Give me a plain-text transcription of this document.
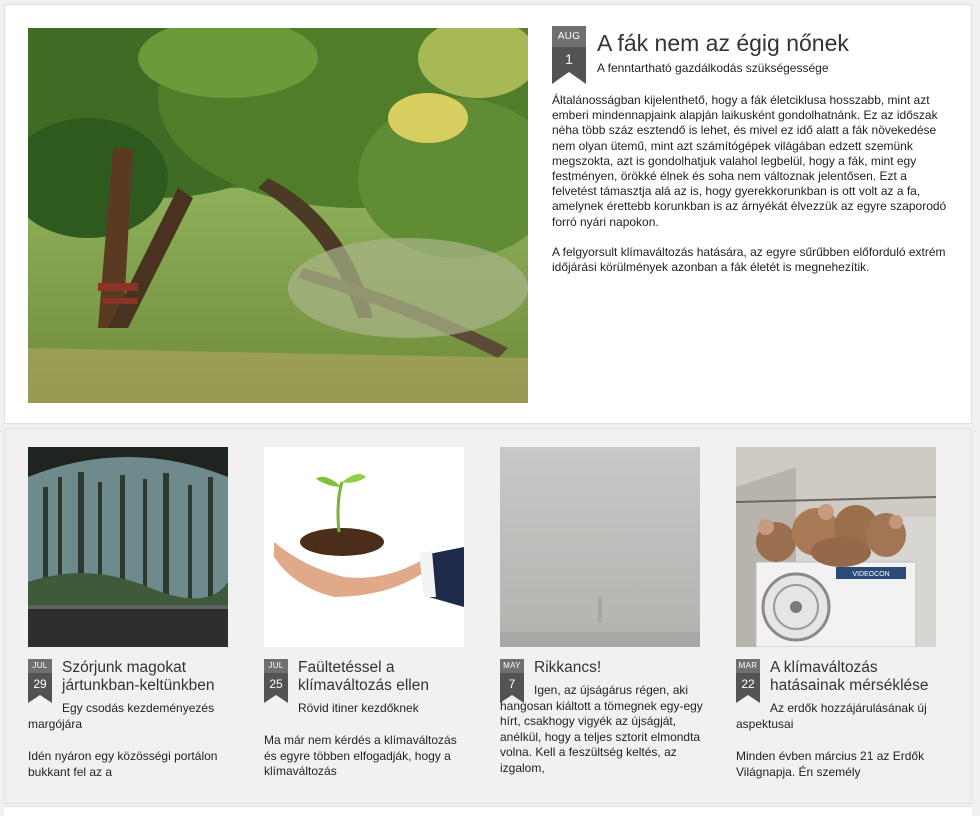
AUG
1
A fák nem az égig nőnek
A fenntartható gazdálkodás szükségessége

Általánosságban kijelenthető, hogy a fák életciklusa hosszabb, mint azt emberi mindennapjaink alapján laikusként gondolhatnánk. Ez az időszak néha több száz esztendő is lehet, és mivel ez idő alatt a fák növekedése nem olyan ütemű, mint azt számítógépek világában edzett szemünk megszokta, azt is gondolhatjuk valahol legbelül, hogy a fák, mint egy festményen, örökké élnek és soha nem változnak jelentősen. Ezt a felvetést támasztja alá az is, hogy gyerekkorunkban is ott volt az a fa, amelynek érettebb korunkban is az árnyékát élvezzük az egyre szaporodó forró nyári napokon.

A felgyorsult klímaváltozás hatására, az egyre sűrűbben előforduló extrém időjárási körülmények azonban a fák életét is megnehezítik.

JUL
29
Szórjunk magokat jártunkban-keltünkben
Egy csodás kezdeményezés margójára
Idén nyáron egy közösségi portálon bukkant fel az a
JUL
25
Faültetéssel a klímaváltozás ellen
Rövid itiner kezdőknek
Ma már nem kérdés a klímaváltozás és egyre többen elfogadják, hogy a klímaváltozás
MAY
7
Rikkancs!
Igen, az újságárus régen, aki hangosan kiáltott a tömegnek egy-egy hírt, csakhogy vigyék az újságját, anélkül, hogy a teljes sztorit elmondta volna. Kell a feszültség keltés, az izgalom,
VIDEOCON
MAR
22
A klímaváltozás hatásainak mérséklése
Az erdők hozzájárulásának új aspektusai
Minden évben március 21 az Erdők Világnapja. Én személy
